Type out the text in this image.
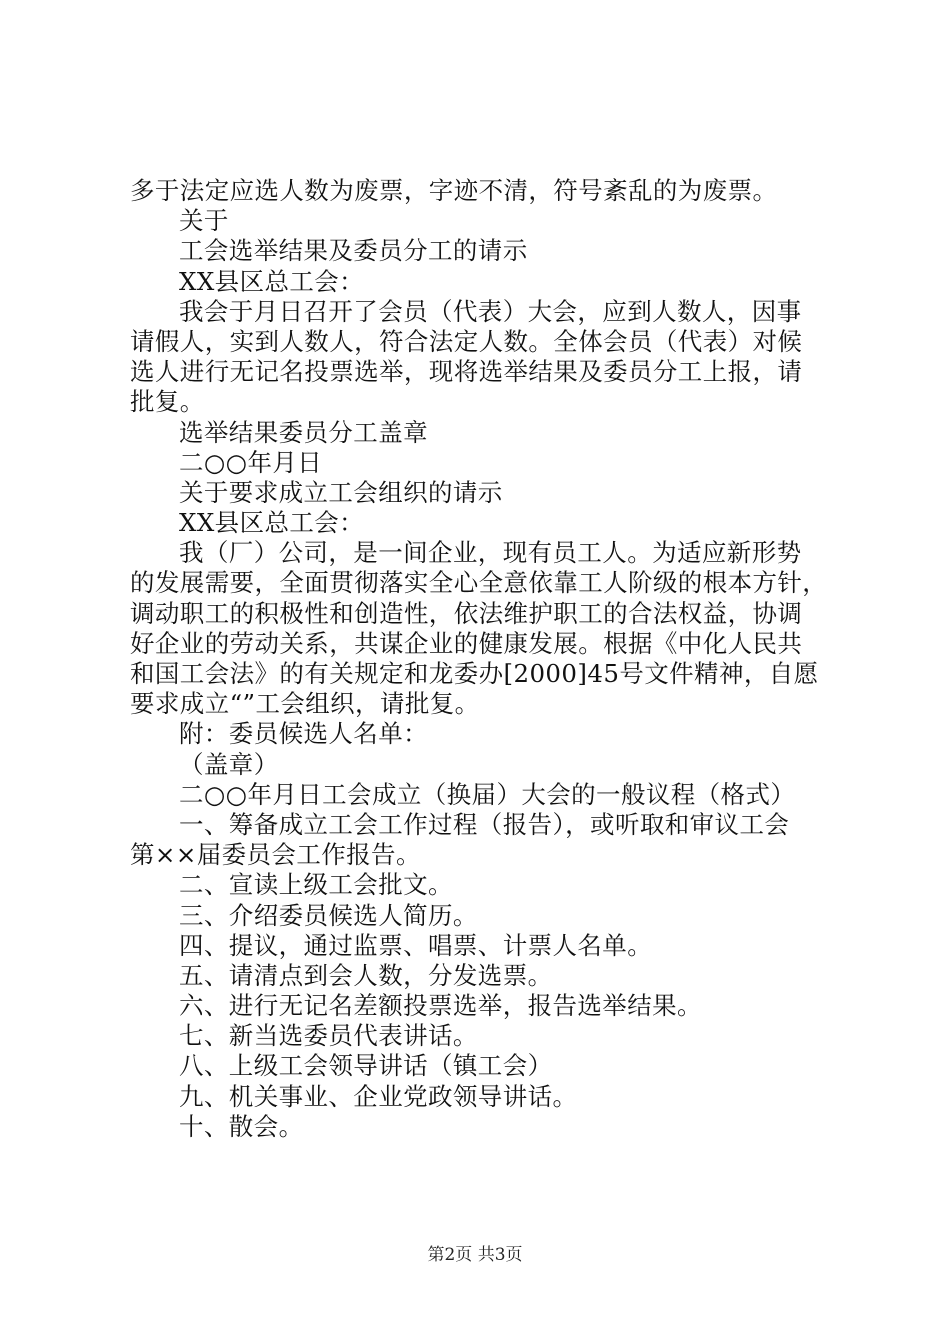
多于法定应选人数为废票，字迹不清，符号紊乱的为废票。
关于
工会选举结果及委员分工的请示
XX县区总工会：
我会于月日召开了会员（代表）大会，应到人数人，因事
请假人，实到人数人，符合法定人数。全体会员（代表）对候
选人进行无记名投票选举，现将选举结果及委员分工上报，请
批复。
选举结果委员分工盖章
二○○年月日
关于要求成立工会组织的请示
XX县区总工会：
我（厂）公司，是一间企业，现有员工人。为适应新形势
的发展需要，全面贯彻落实全心全意依靠工人阶级的根本方针，
调动职工的积极性和创造性，依法维护职工的合法权益，协调
好企业的劳动关系，共谋企业的健康发展。根据《中化人民共
和国工会法》的有关规定和龙委办[2000]45号文件精神，自愿
要求成立“”工会组织，请批复。
附：委员候选人名单：
（盖章）
二○○年月日工会成立（换届）大会的一般议程（格式）
一、筹备成立工会工作过程（报告），或听取和审议工会
第××届委员会工作报告。
二、宣读上级工会批文。
三、介绍委员候选人简历。
四、提议，通过监票、唱票、计票人名单。
五、请清点到会人数，分发选票。
六、进行无记名差额投票选举，报告选举结果。
七、新当选委员代表讲话。
八、上级工会领导讲话（镇工会）
九、机关事业、企业党政领导讲话。
十、散会。
第2页 共3页
